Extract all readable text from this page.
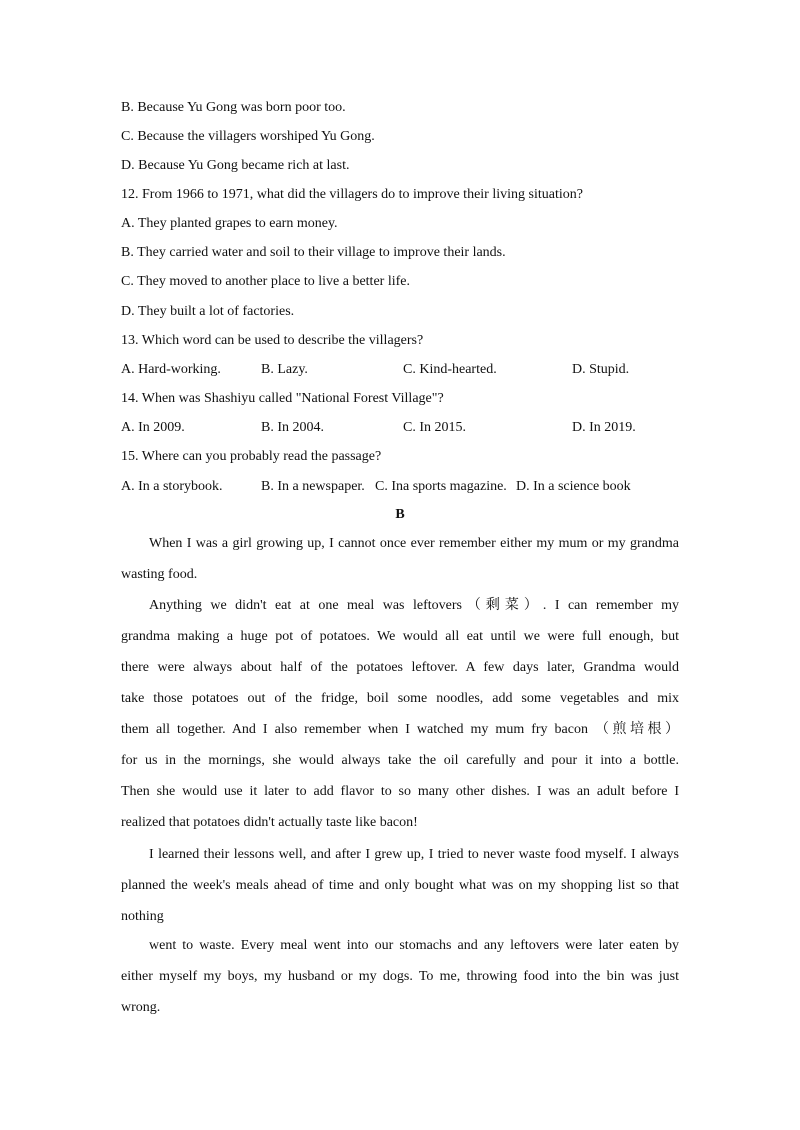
B. Because Yu Gong was born poor too.
C. Because the villagers worshiped Yu Gong.
D. Because Yu Gong became rich at last.
12. From 1966 to 1971, what did the villagers do to improve their living situation?
A. They planted grapes to earn money.
B. They carried water and soil to their village to improve their lands.
C. They moved to another place to live a better life.
D. They built a lot of factories.
13. Which word can be used to describe the villagers?
A. Hard-working.	B. Lazy.	C. Kind-hearted.	D. Stupid.
14. When was Shashiyu called "National Forest Village"?
A. In 2009.	B. In 2004.	C. In 2015.	D. In 2019.
15. Where can you probably read the passage?
A. In a storybook.	B. In a newspaper. C. Ina sports magazine. D. In a science book
B
When I was a girl growing up, I cannot once ever remember either my mum or my grandma
wasting food.
Anything we didn't eat at one meal was leftovers（剩菜）. I can remember my
grandma making a huge pot of potatoes. We would all eat until we were full enough, but
there were always about half of the potatoes leftover. A few days later, Grandma would
take those potatoes out of the fridge, boil some noodles, add some vegetables and mix
them all together. And I also remember when I watched my mum fry bacon （煎培根）
for us in the mornings, she would always take the oil carefully and pour it into a bottle.
Then she would use it later to add flavor to so many other dishes. I was an adult before I
realized that potatoes didn't actually taste like bacon!
I learned their lessons well, and after I grew up, I tried to never waste food myself. I always
planned the week's meals ahead of time and only bought what was on my shopping list so that
nothing
went to waste. Every meal went into our stomachs and any leftovers were later eaten by
either myself my boys, my husband or my dogs. To me, throwing food into the bin was just
wrong.
